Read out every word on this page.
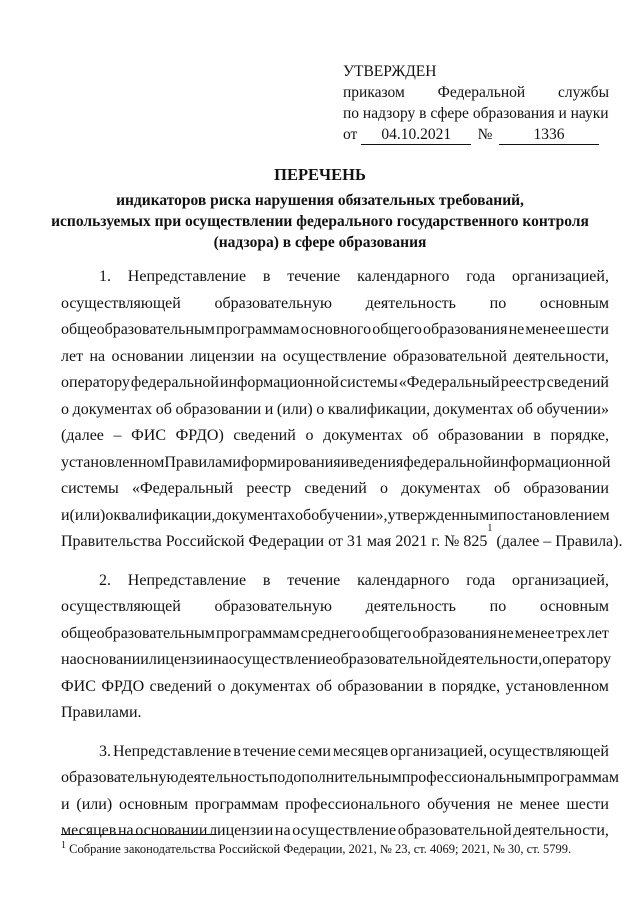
УТВЕРЖДЕН
приказом Федеральной службы
по надзору в сфере образования и науки
от 04.10.2021 №	1336
ПЕРЕЧЕНЬ
индикаторов риска нарушения обязательных требований,
используемых при осуществлении федерального государственного контроля
(надзора) в сфере образования
1. Непредставление в течение календарного года организацией,
осуществляющей образовательную деятельность по основным
общеобразовательным программам основного общего образования не менее шести
лет на основании лицензии на осуществление образовательной деятельности,
оператору федеральной информационной системы «Федеральный реестр сведений
о документах об образовании и (или) о квалификации, документах об обучении»
(далее – ФИС ФРДО) сведений о документах об образовании в порядке,
установленном Правилами формирования и ведения федеральной информационной
системы «Федеральный реестр сведений о документах об образовании
и (или) о квалификации, документах об обучении», утвержденными постановлением
Правительства Российской Федерации от 31 мая 2021 г. № 825
1
(далее – Правила).
2. Непредставление в течение календарного года организацией,
осуществляющей образовательную деятельность по основным
общеобразовательным программам среднего общего образования не менее трех лет
на основании лицензии на осуществление образовательной деятельности, оператору
ФИС ФРДО сведений о документах об образовании в порядке, установленном
Правилами.
3. Непредставление в течение семи месяцев организацией, осуществляющей
образовательную деятельность по дополнительным профессиональным программам
и (или) основным программам профессионального обучения не менее шести
месяцев на основании лицензии на осуществление образовательной деятельности,
$^1$ Собрание законодательства Российской Федерации, 2021, № 23, ст. 4069; 2021, № 30, ст. 5799.
